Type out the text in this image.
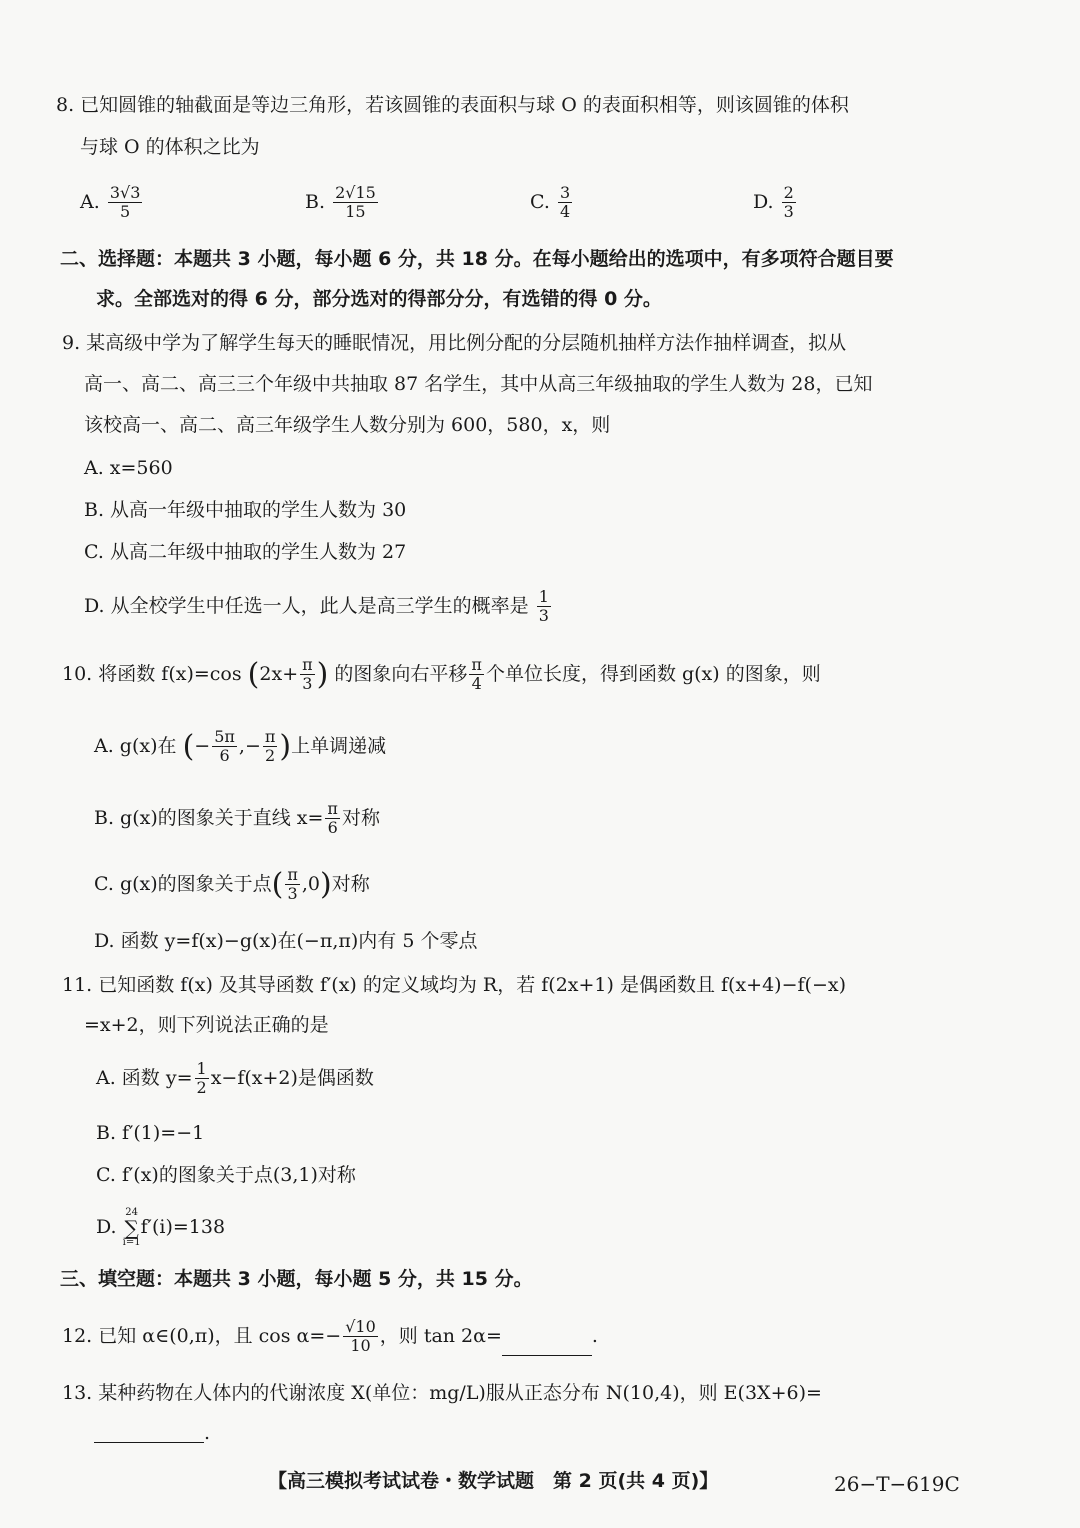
8. 已知圆锥的轴截面是等边三角形，若该圆锥的表面积与球 O 的表面积相等，则该圆锥的体积
与球 O 的体积之比为
A. $\frac{3√3}{5}$	B. $\frac{2√15}{15}$	C. $\frac{3}{4}$	D. $\frac{2}{3}$
二、选择题：本题共 3 小题，每小题 6 分，共 18 分。在每小题给出的选项中，有多项符合题目要
求。全部选对的得 6 分，部分选对的得部分分，有选错的得 0 分。
9. 某高级中学为了解学生每天的睡眠情况，用比例分配的分层随机抽样方法作抽样调查，拟从
高一、高二、高三三个年级中共抽取 87 名学生，其中从高三年级抽取的学生人数为 28，已知
该校高一、高二、高三年级学生人数分别为 600，580，x，则
A. x=560
B. 从高一年级中抽取的学生人数为 30
C. 从高二年级中抽取的学生人数为 27
D. 从全校学生中任选一人，此人是高三学生的概率是 $\frac{1}{3}$
10. 将函数 f(x)=cos ($2x+ \frac{\pi}{3}$ ) 的图象向右平移 $\frac{\pi}{4}$ 个单位长度，得到函数 g(x) 的图象，则
A. g(x)在 (− $\frac{5\pi}{6}$ ,− $\frac{\pi}{2}$ )上单调递减
B. g(x)的图象关于直线 $x= \frac{\pi}{6}$ 对称
C. g(x)的图象关于点( $\frac{\pi}{3} ,0$)对称
D. 函数 y=f(x)−g(x)在(−π,π)内有 5 个零点
11. 已知函数 f(x) 及其导函数 f′(x) 的定义域均为 R，若 f(2x+1) 是偶函数且 f(x+4)−f(−x)
=x+2，则下列说法正确的是
A. 函数 $y= \frac{1}{2} x-f(x+2)$是偶函数
B. f′(1)=−1
C. f′(x)的图象关于点(3,1)对称
D.
24
∑
i=1
f′(i)=138
三、填空题：本题共 3 小题，每小题 5 分，共 15 分。
12. 已知 α∈(0,π)，且 $\cos \alpha=- \frac{√10}{10}$ ，则 tan 2α=	.
13. 某种药物在人体内的代谢浓度 X(单位：mg/L)服从正态分布 N(10,4)，则 E(3X+6)=
.
【高三模拟考试试卷・数学试题　第 2 页(共 4 页)】	26−T−619C
